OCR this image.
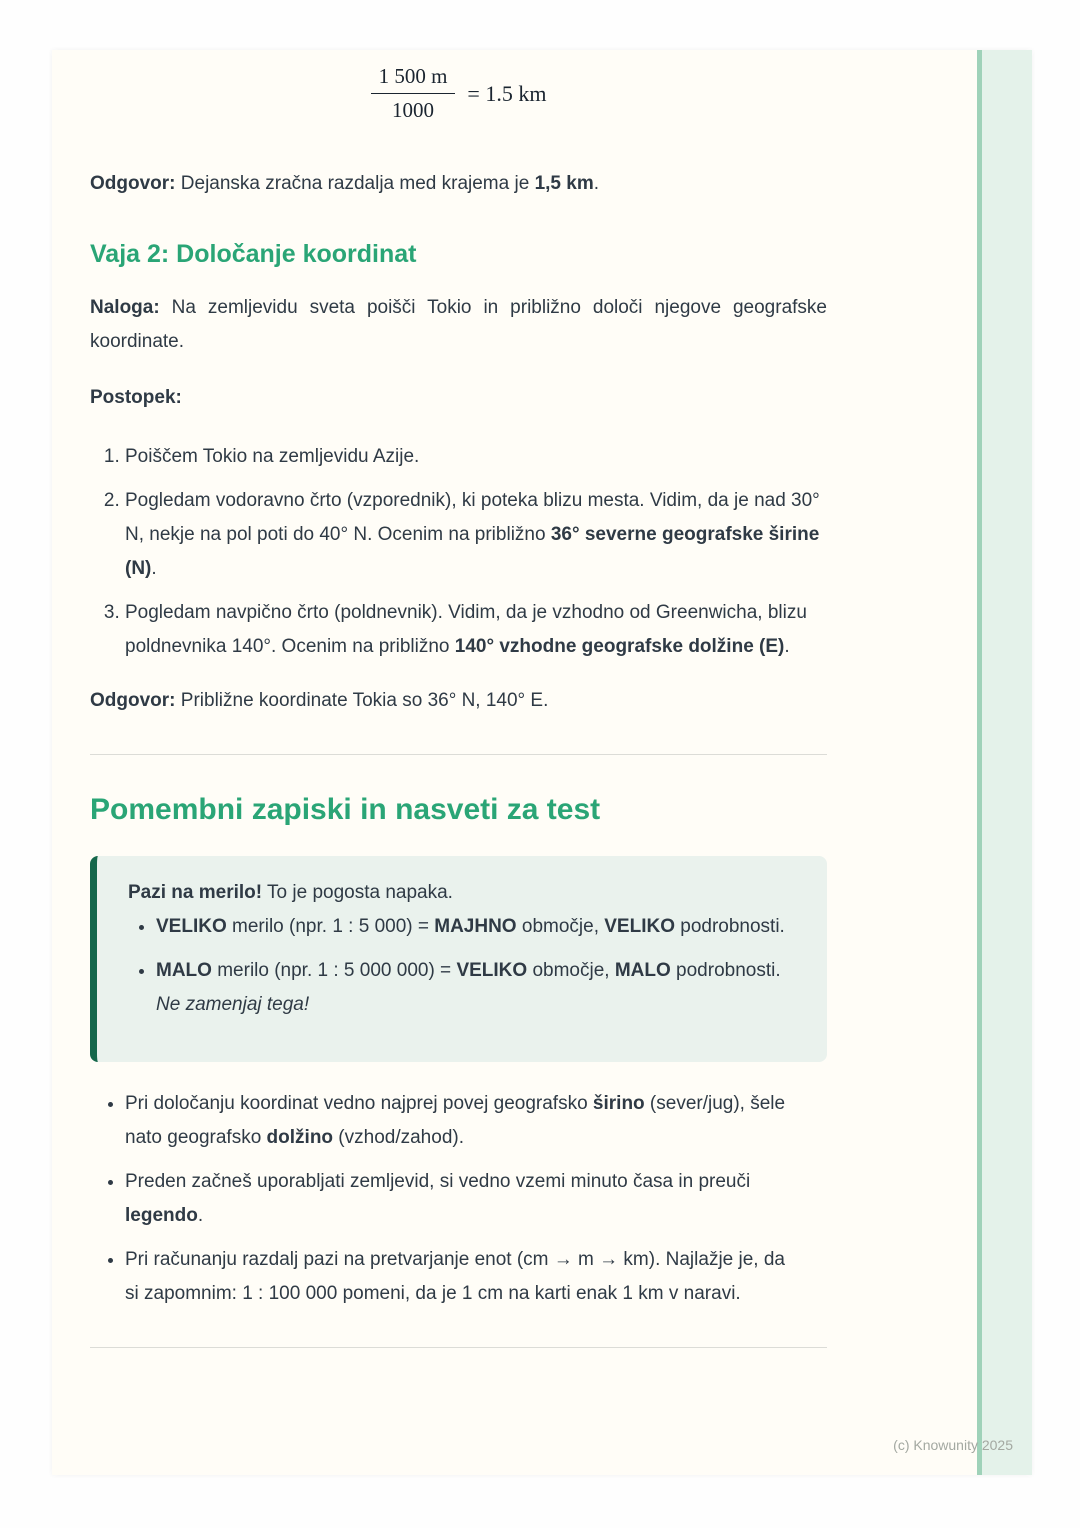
$\frac{1 500 m}{1000} = 1.5$ km

Odgovor: Dejanska zračna razdalja med krajema je 1,5 km.

Vaja 2: Določanje koordinat

Naloga: Na zemljevidu sveta poišči Tokio in približno določi njegove geografske koordinate.

Postopek:

1. Poiščem Tokio na zemljevidu Azije.
2. Pogledam vodoravno črto (vzporednik), ki poteka blizu mesta. Vidim, da je nad 30° N, nekje na pol poti do 40° N. Ocenim na približno 36° severne geografske širine (N).
3. Pogledam navpično črto (poldnevnik). Vidim, da je vzhodno od Greenwicha, blizu poldnevnika 140°. Ocenim na približno 140° vzhodne geografske dolžine (E).

Odgovor: Približne koordinate Tokia so 36° N, 140° E.

Pomembni zapiski in nasveti za test

Pazi na merilo! To je pogosta napaka.

• VELIKO merilo (npr. 1 : 5 000) = MAJHNO območje, VELIKO podrobnosti.
• MALO merilo (npr. 1 : 5 000 000) = VELIKO območje, MALO podrobnosti. Ne zamenjaj tega!
• Pri določanju koordinat vedno najprej povej geografsko širino (sever/jug), šele nato geografsko dolžino (vzhod/zahod).
• Preden začneš uporabljati zemljevid, si vedno vzemi minuto časa in preuči legendo.
• Pri računanju razdalj pazi na pretvarjanje enot (cm → m → km). Najlažje je, da si zapomnim: 1 : 100 000 pomeni, da je 1 cm na karti enak 1 km v naravi.
(c) Knowunity 2025
